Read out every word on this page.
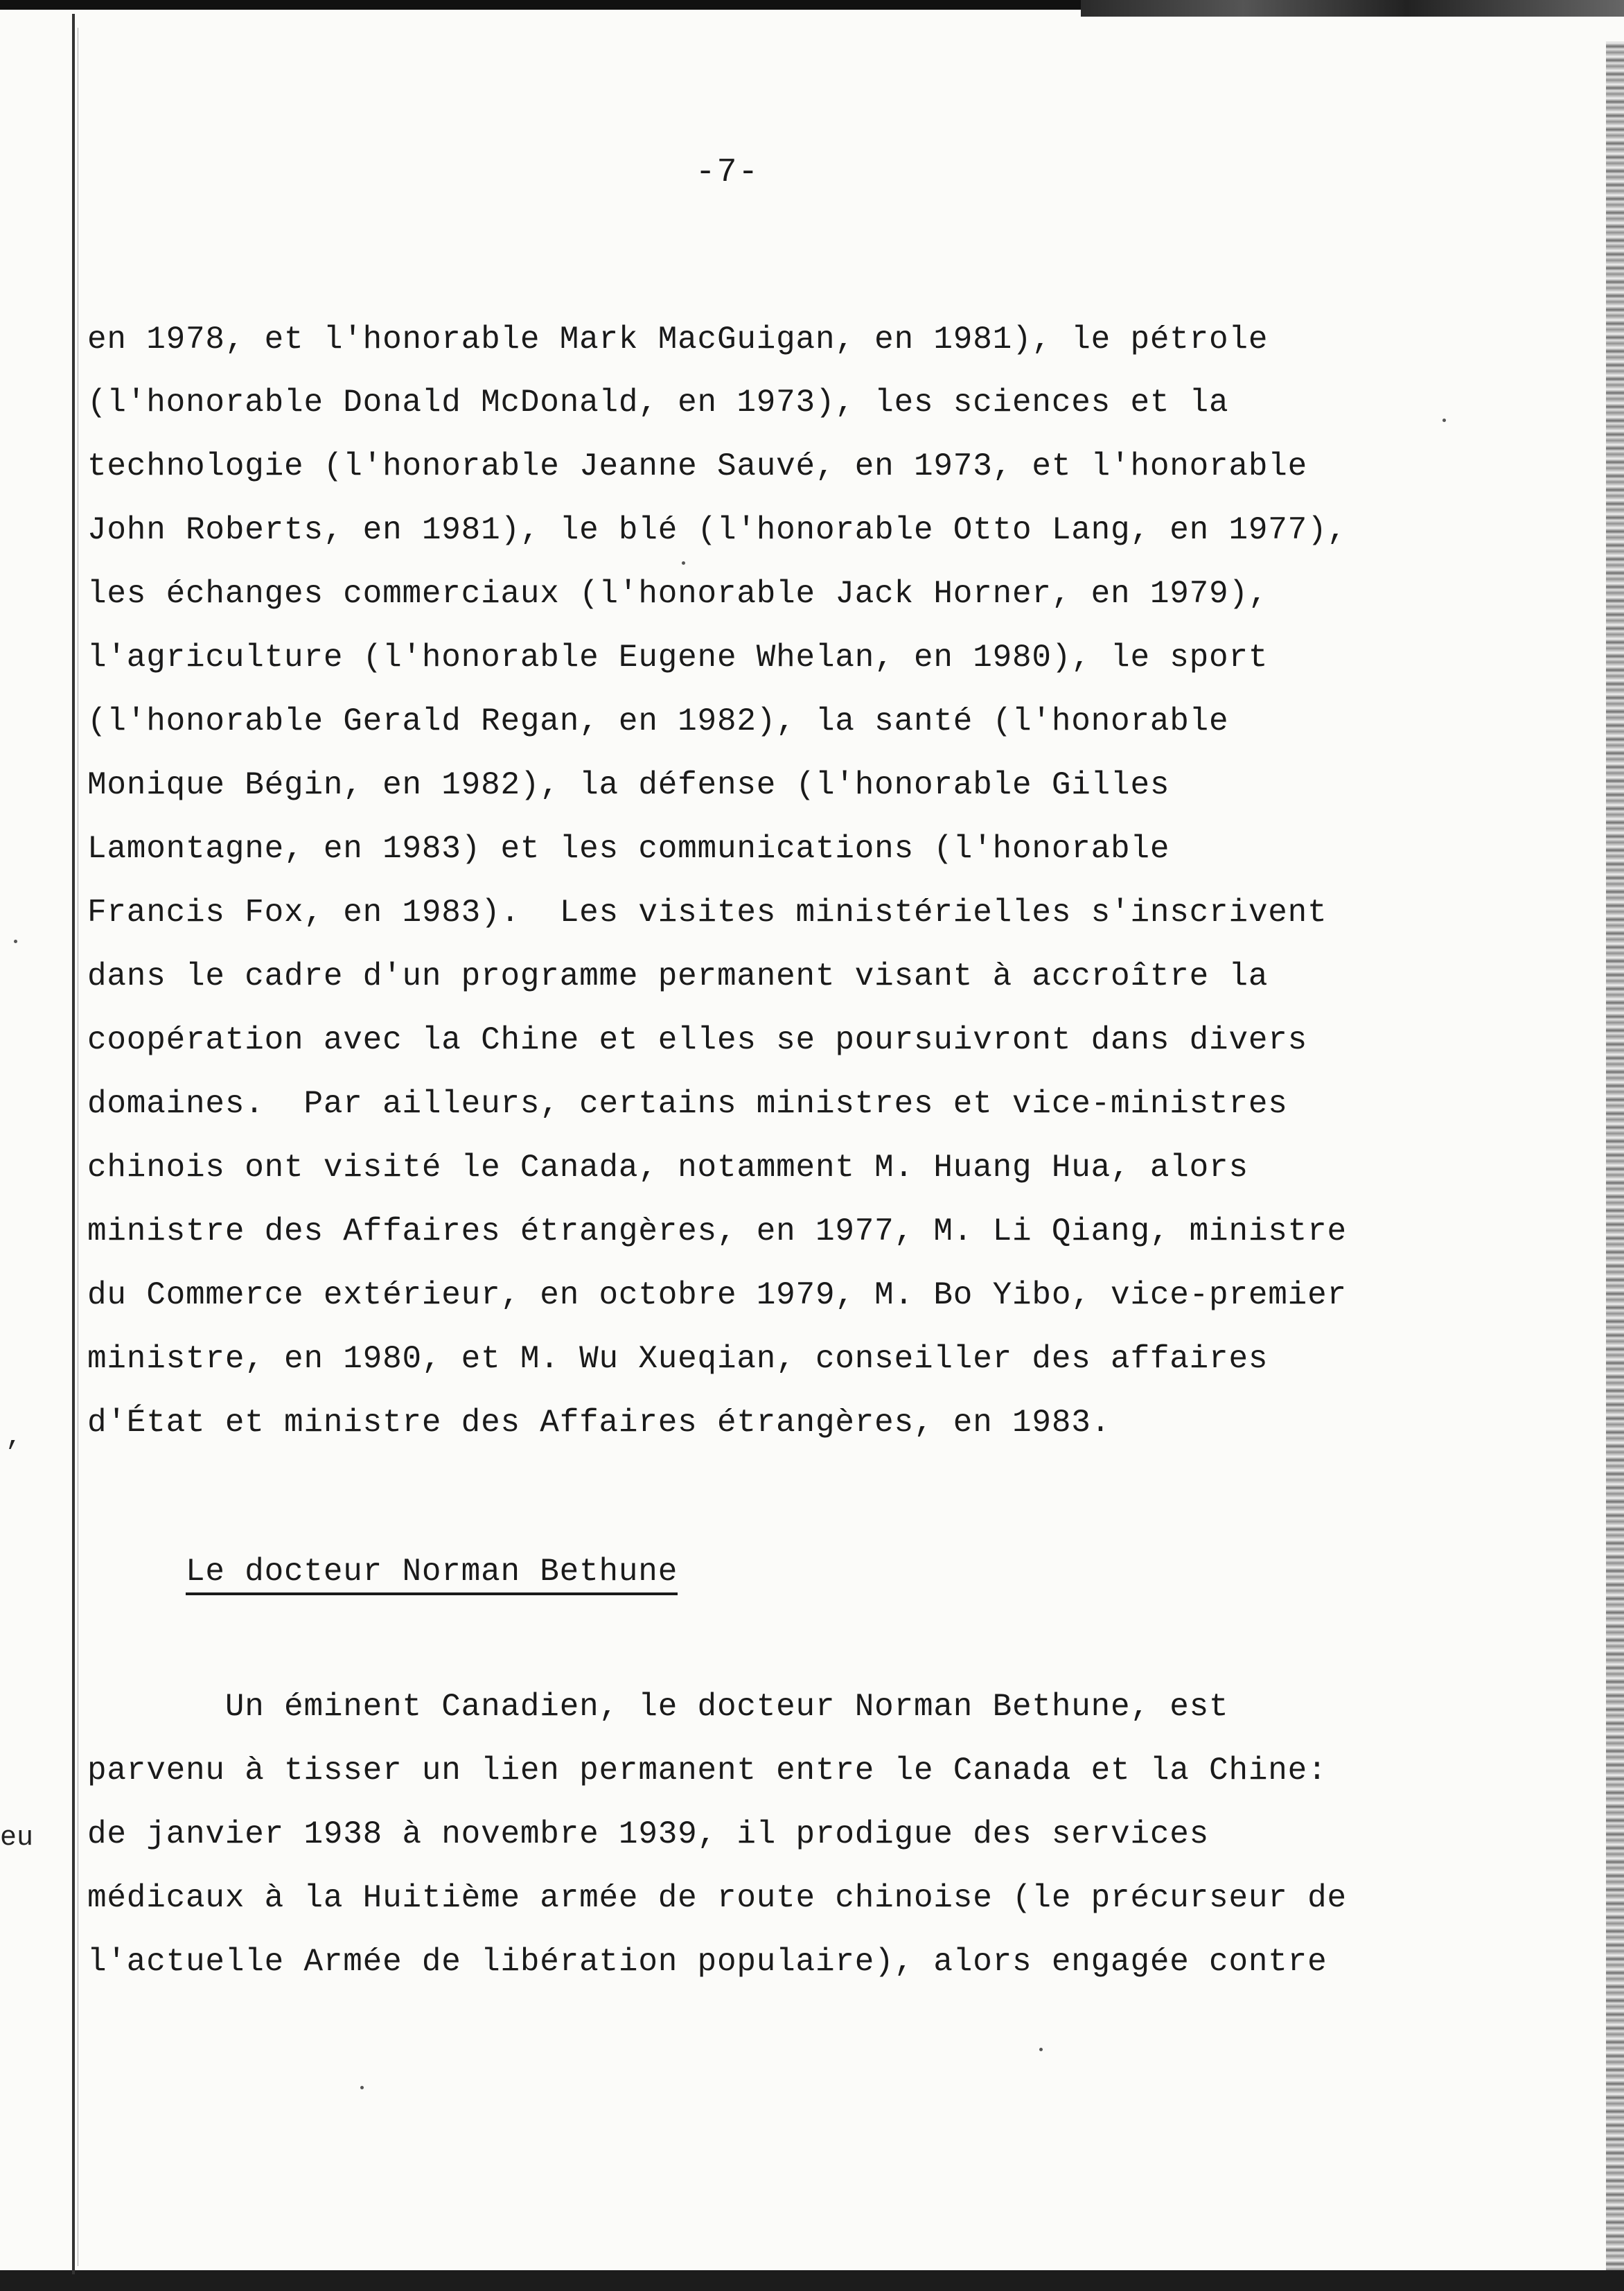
,
eu
-7-
en 1978, et l'honorable Mark MacGuigan, en 1981), le pétrole
(l'honorable Donald McDonald, en 1973), les sciences et la
technologie (l'honorable Jeanne Sauvé, en 1973, et l'honorable
John Roberts, en 1981), le blé (l'honorable Otto Lang, en 1977),
les échanges commerciaux (l'honorable Jack Horner, en 1979),
l'agriculture (l'honorable Eugene Whelan, en 1980), le sport
(l'honorable Gerald Regan, en 1982), la santé (l'honorable
Monique Bégin, en 1982), la défense (l'honorable Gilles
Lamontagne, en 1983) et les communications (l'honorable
Francis Fox, en 1983).  Les visites ministérielles s'inscrivent
dans le cadre d'un programme permanent visant à accroître la
coopération avec la Chine et elles se poursuivront dans divers
domaines.  Par ailleurs, certains ministres et vice-ministres
chinois ont visité le Canada, notamment M. Huang Hua, alors
ministre des Affaires étrangères, en 1977, M. Li Qiang, ministre
du Commerce extérieur, en octobre 1979, M. Bo Yibo, vice-premier
ministre, en 1980, et M. Wu Xueqian, conseiller des affaires
d'État et ministre des Affaires étrangères, en 1983.
Le docteur Norman Bethune
Un éminent Canadien, le docteur Norman Bethune, est
parvenu à tisser un lien permanent entre le Canada et la Chine:
de janvier 1938 à novembre 1939, il prodigue des services
médicaux à la Huitième armée de route chinoise (le précurseur de
l'actuelle Armée de libération populaire), alors engagée contre
